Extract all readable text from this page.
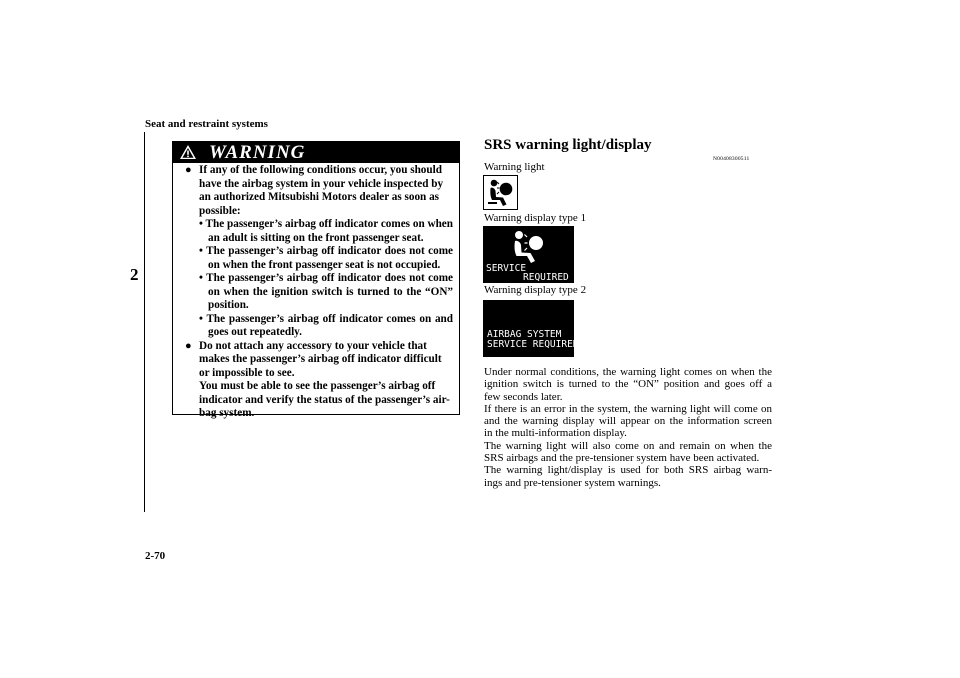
Seat and restraint systems
2
2-70
WARNING
● If any of the following conditions occur, you should
have the airbag system in your vehicle inspected by
an authorized Mitsubishi Motors dealer as soon as
possible:
• The passenger’s airbag off indicator comes on when an adult is sitting on the front passenger seat.
• The passenger’s airbag off indicator does not come on when the front passenger seat is not occupied.
• The passenger’s airbag off indicator does not come on when the ignition switch is turned to the “ON” position.
• The passenger’s airbag off indicator comes on and goes out repeatedly.
● Do not attach any accessory to your vehicle that
makes the passenger’s airbag off indicator difficult
or impossible to see.
You must be able to see the passenger’s airbag off
indicator and verify the status of the passenger’s air-
bag system.
SRS warning light/display
N00408300511
Warning light
Warning display type 1
SERVICE
REQUIRED
Warning display type 2
AIRBAG SYSTEM
SERVICE REQUIRED

Under normal conditions, the warning light comes on when the
ignition switch is turned to the “ON” position and goes off a
few seconds later.

If there is an error in the system, the warning light will come on
and the warning display will appear on the information screen
in the multi-information display.

The warning light will also come on and remain on when the
SRS airbags and the pre-tensioner system have been activated.

The warning light/display is used for both SRS airbag warn-
ings and pre-tensioner system warnings.
